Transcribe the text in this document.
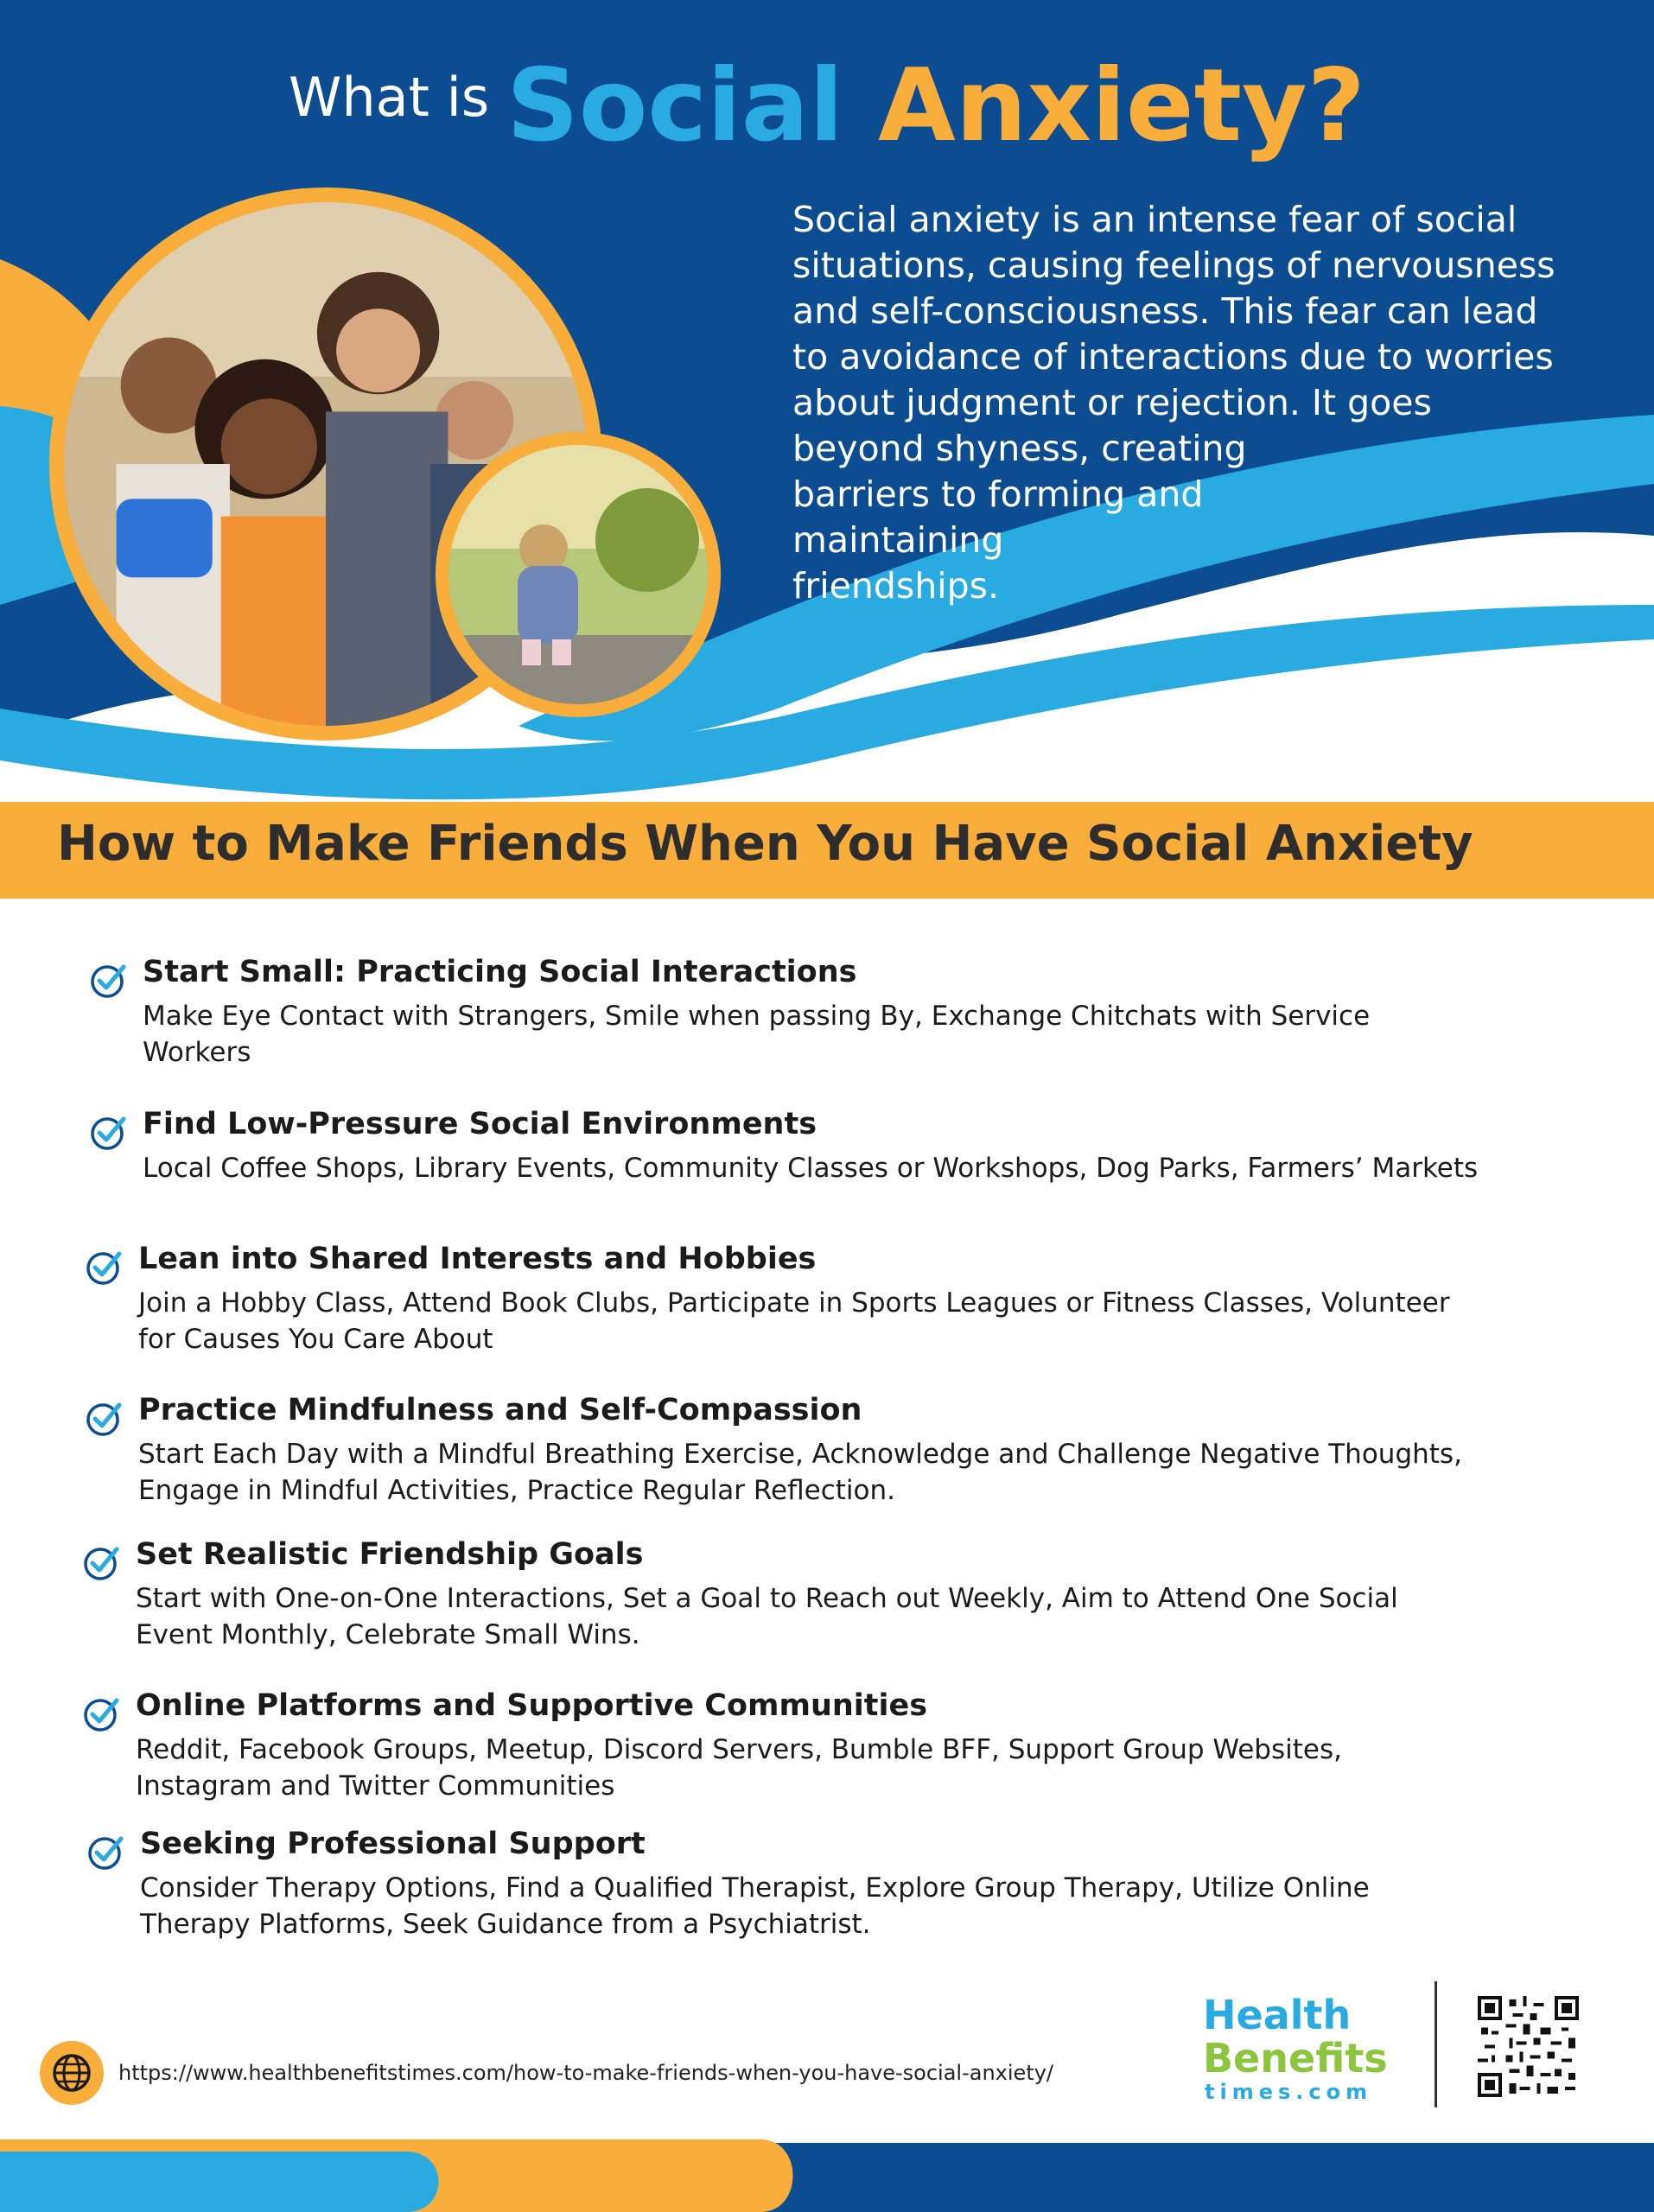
What is Social Anxiety?

Social anxiety is an intense fear of social
situations, causing feelings of nervousness
and self-consciousness. This fear can lead
to avoidance of interactions due to worries
about judgment or rejection. It goes
beyond shyness, creating
barriers to forming and
maintaining
friendships.

How to Make Friends When You Have Social Anxiety

Start Small: Practicing Social Interactions

Make Eye Contact with Strangers, Smile when passing By, Exchange Chitchats with Service
Workers

Find Low-Pressure Social Environments

Local Coffee Shops, Library Events, Community Classes or Workshops, Dog Parks, Farmers’ Markets

Lean into Shared Interests and Hobbies

Join a Hobby Class, Attend Book Clubs, Participate in Sports Leagues or Fitness Classes, Volunteer
for Causes You Care About

Practice Mindfulness and Self-Compassion

Start Each Day with a Mindful Breathing Exercise, Acknowledge and Challenge Negative Thoughts,
Engage in Mindful Activities, Practice Regular Reflection.

Set Realistic Friendship Goals

Start with One-on-One Interactions, Set a Goal to Reach out Weekly, Aim to Attend One Social
Event Monthly, Celebrate Small Wins.

Online Platforms and Supportive Communities

Reddit, Facebook Groups, Meetup, Discord Servers, Bumble BFF, Support Group Websites,
Instagram and Twitter Communities

Seeking Professional Support

Consider Therapy Options, Find a Qualified Therapist, Explore Group Therapy, Utilize Online
Therapy Platforms, Seek Guidance from a Psychiatrist.

https://www.healthbenefitstimes.com/how-to-make-friends-when-you-have-social-anxiety/
Health
Benefits
times.com
